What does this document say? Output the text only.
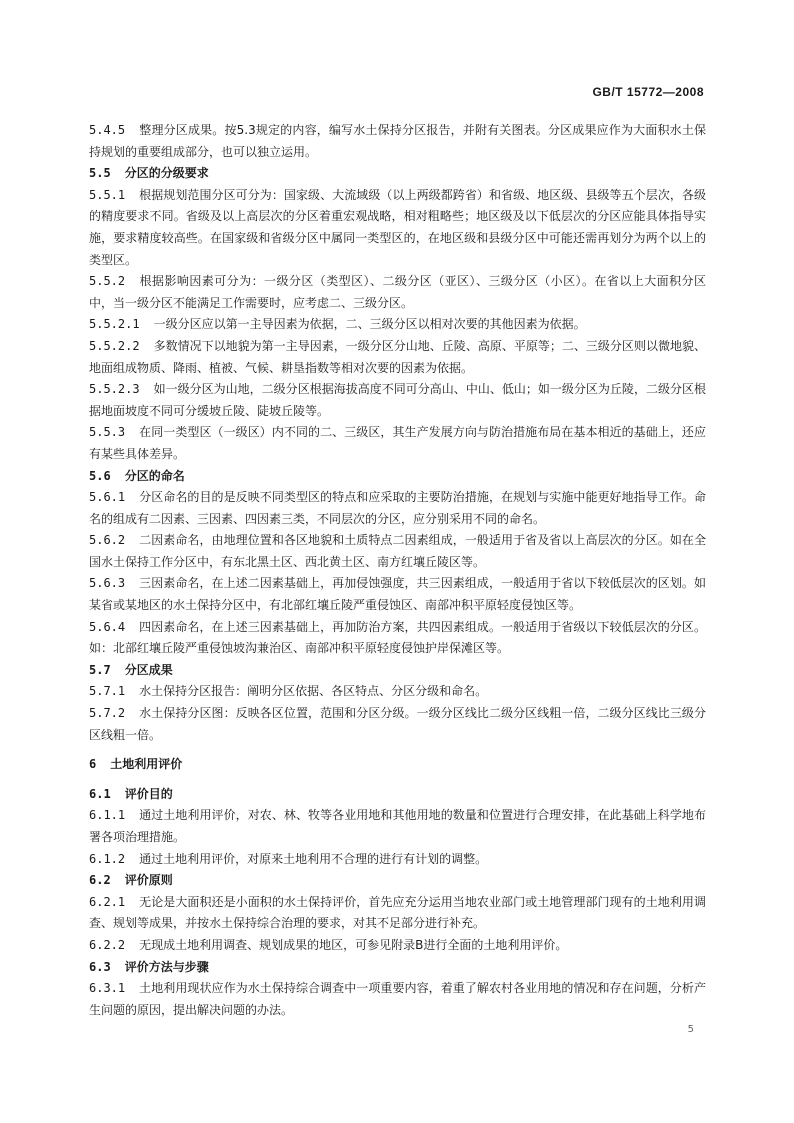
GB/T 15772—2008
5.4.5 整理分区成果。按5.3规定的内容，编写水土保持分区报告，并附有关图表。分区成果应作为大面积水土保持规划的重要组成部分，也可以独立运用。
5.5 分区的分级要求
5.5.1 根据规划范围分区可分为：国家级、大流域级（以上两级都跨省）和省级、地区级、县级等五个层次，各级的精度要求不同。省级及以上高层次的分区着重宏观战略，相对粗略些；地区级及以下低层次的分区应能具体指导实施，要求精度较高些。在国家级和省级分区中属同一类型区的，在地区级和县级分区中可能还需再划分为两个以上的类型区。
5.5.2 根据影响因素可分为：一级分区（类型区）、二级分区（亚区）、三级分区（小区）。在省以上大面积分区中，当一级分区不能满足工作需要时，应考虑二、三级分区。
5.5.2.1 一级分区应以第一主导因素为依据，二、三级分区以相对次要的其他因素为依据。
5.5.2.2 多数情况下以地貌为第一主导因素，一级分区分山地、丘陵、高原、平原等；二、三级分区则以微地貌、地面组成物质、降雨、植被、气候、耕垦指数等相对次要的因素为依据。
5.5.2.3 如一级分区为山地，二级分区根据海拔高度不同可分高山、中山、低山；如一级分区为丘陵，二级分区根据地面坡度不同可分缓坡丘陵、陡坡丘陵等。
5.5.3 在同一类型区（一级区）内不同的二、三级区，其生产发展方向与防治措施布局在基本相近的基础上，还应有某些具体差异。
5.6 分区的命名
5.6.1 分区命名的目的是反映不同类型区的特点和应采取的主要防治措施，在规划与实施中能更好地指导工作。命名的组成有二因素、三因素、四因素三类，不同层次的分区，应分别采用不同的命名。
5.6.2 二因素命名，由地理位置和各区地貌和土质特点二因素组成，一般适用于省及省以上高层次的分区。如在全国水土保持工作分区中，有东北黑土区、西北黄土区、南方红壤丘陵区等。
5.6.3 三因素命名，在上述二因素基础上，再加侵蚀强度，共三因素组成，一般适用于省以下较低层次的区划。如某省或某地区的水土保持分区中，有北部红壤丘陵严重侵蚀区、南部冲积平原轻度侵蚀区等。
5.6.4 四因素命名，在上述三因素基础上，再加防治方案，共四因素组成。一般适用于省级以下较低层次的分区。如：北部红壤丘陵严重侵蚀坡沟兼治区、南部冲积平原轻度侵蚀护岸保滩区等。
5.7 分区成果
5.7.1 水土保持分区报告：阐明分区依据、各区特点、分区分级和命名。
5.7.2 水土保持分区图：反映各区位置，范围和分区分级。一级分区线比二级分区线粗一倍，二级分区线比三级分区线粗一倍。
6 土地利用评价
6.1 评价目的
6.1.1 通过土地利用评价，对农、林、牧等各业用地和其他用地的数量和位置进行合理安排，在此基础上科学地布署各项治理措施。
6.1.2 通过土地利用评价，对原来土地利用不合理的进行有计划的调整。
6.2 评价原则
6.2.1 无论是大面积还是小面积的水土保持评价，首先应充分运用当地农业部门或土地管理部门现有的土地利用调查、规划等成果，并按水土保持综合治理的要求，对其不足部分进行补充。
6.2.2 无现成土地利用调查、规划成果的地区，可参见附录B进行全面的土地利用评价。
6.3 评价方法与步骤
6.3.1 土地利用现状应作为水土保持综合调查中一项重要内容，着重了解农村各业用地的情况和存在问题，分析产生问题的原因，提出解决问题的办法。
5
